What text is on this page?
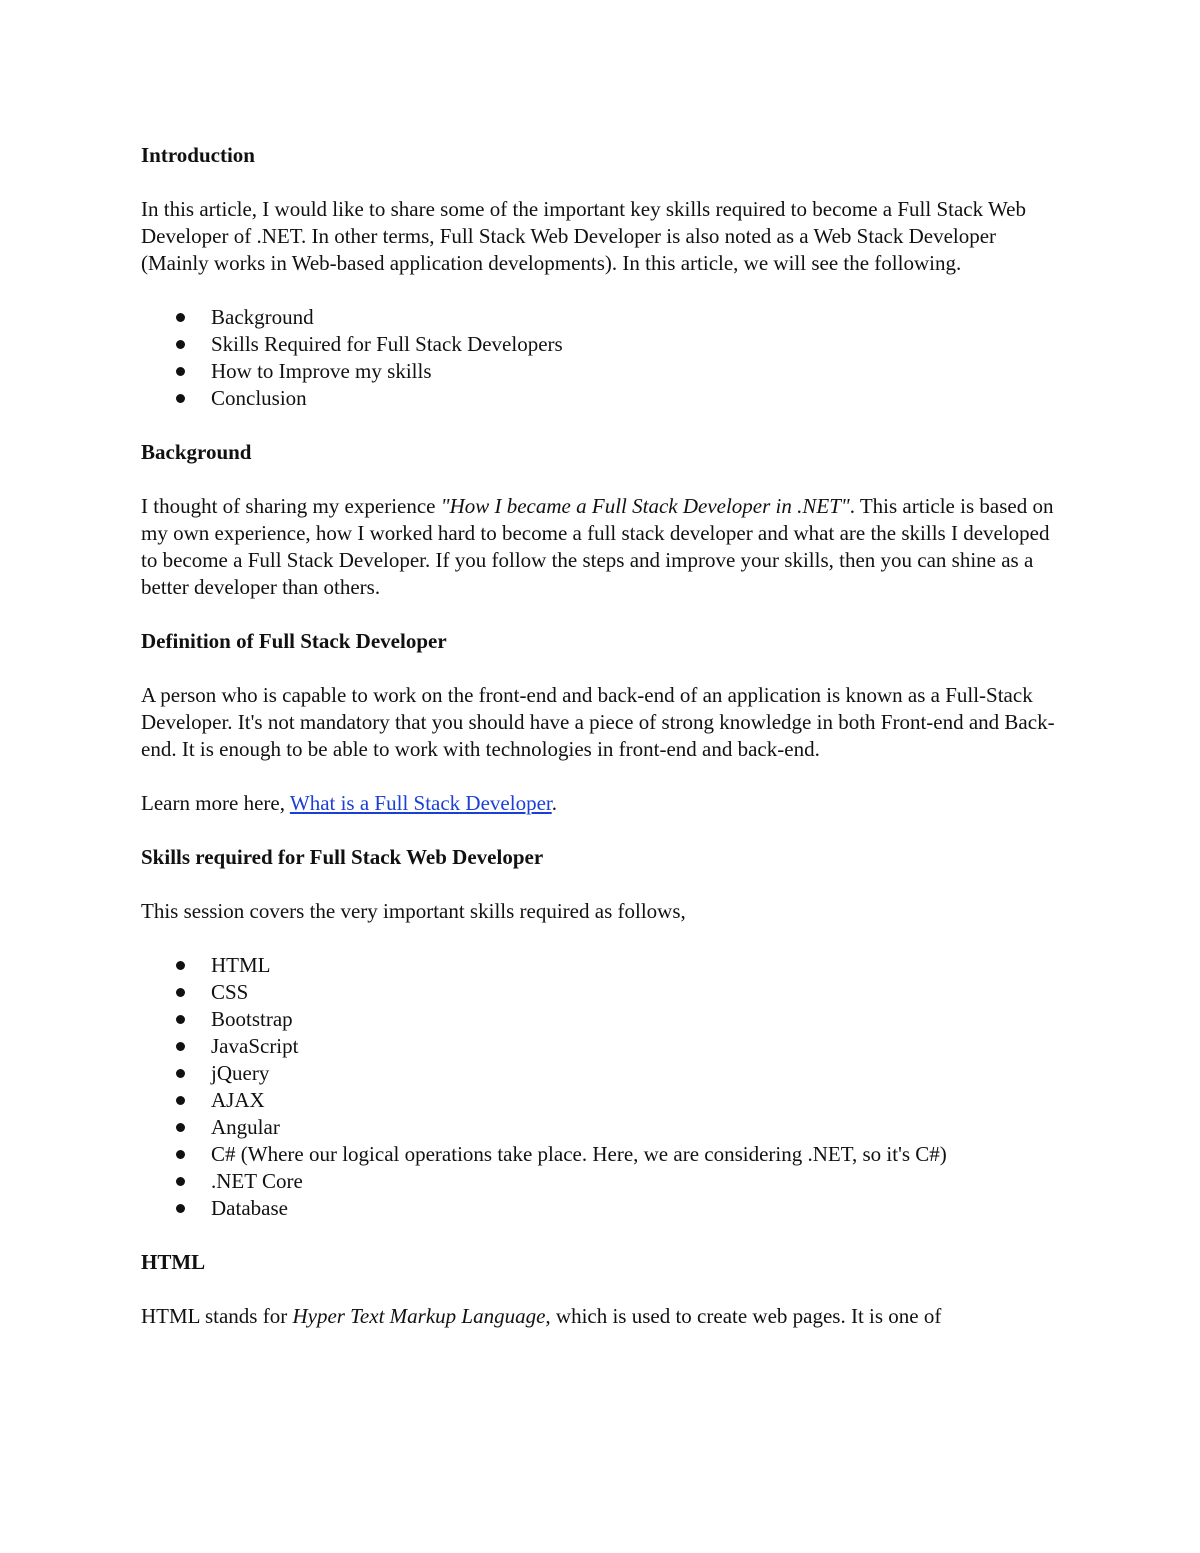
Introduction

In this article, I would like to share some of the important key skills required to become a Full Stack Web Developer of .NET. In other terms, Full Stack Web Developer is also noted as a Web Stack Developer (Mainly works in Web-based application developments). In this article, we will see the following.

Background
Skills Required for Full Stack Developers
How to Improve my skills
Conclusion
Background

I thought of sharing my experience "How I became a Full Stack Developer in .NET". This article is based on my own experience, how I worked hard to become a full stack developer and what are the skills I developed to become a Full Stack Developer. If you follow the steps and improve your skills, then you can shine as a better developer than others.

Definition of Full Stack Developer

A person who is capable to work on the front-end and back-end of an application is known as a Full-Stack Developer. It's not mandatory that you should have a piece of strong knowledge in both Front-end and Back-end. It is enough to be able to work with technologies in front-end and back-end.

Learn more here, What is a Full Stack Developer.

Skills required for Full Stack Web Developer

This session covers the very important skills required as follows,

HTML
CSS
Bootstrap
JavaScript
jQuery
AJAX
Angular
C# (Where our logical operations take place. Here, we are considering .NET, so it's C#)
.NET Core
Database
HTML

HTML stands for Hyper Text Markup Language, which is used to create web pages. It is one of
